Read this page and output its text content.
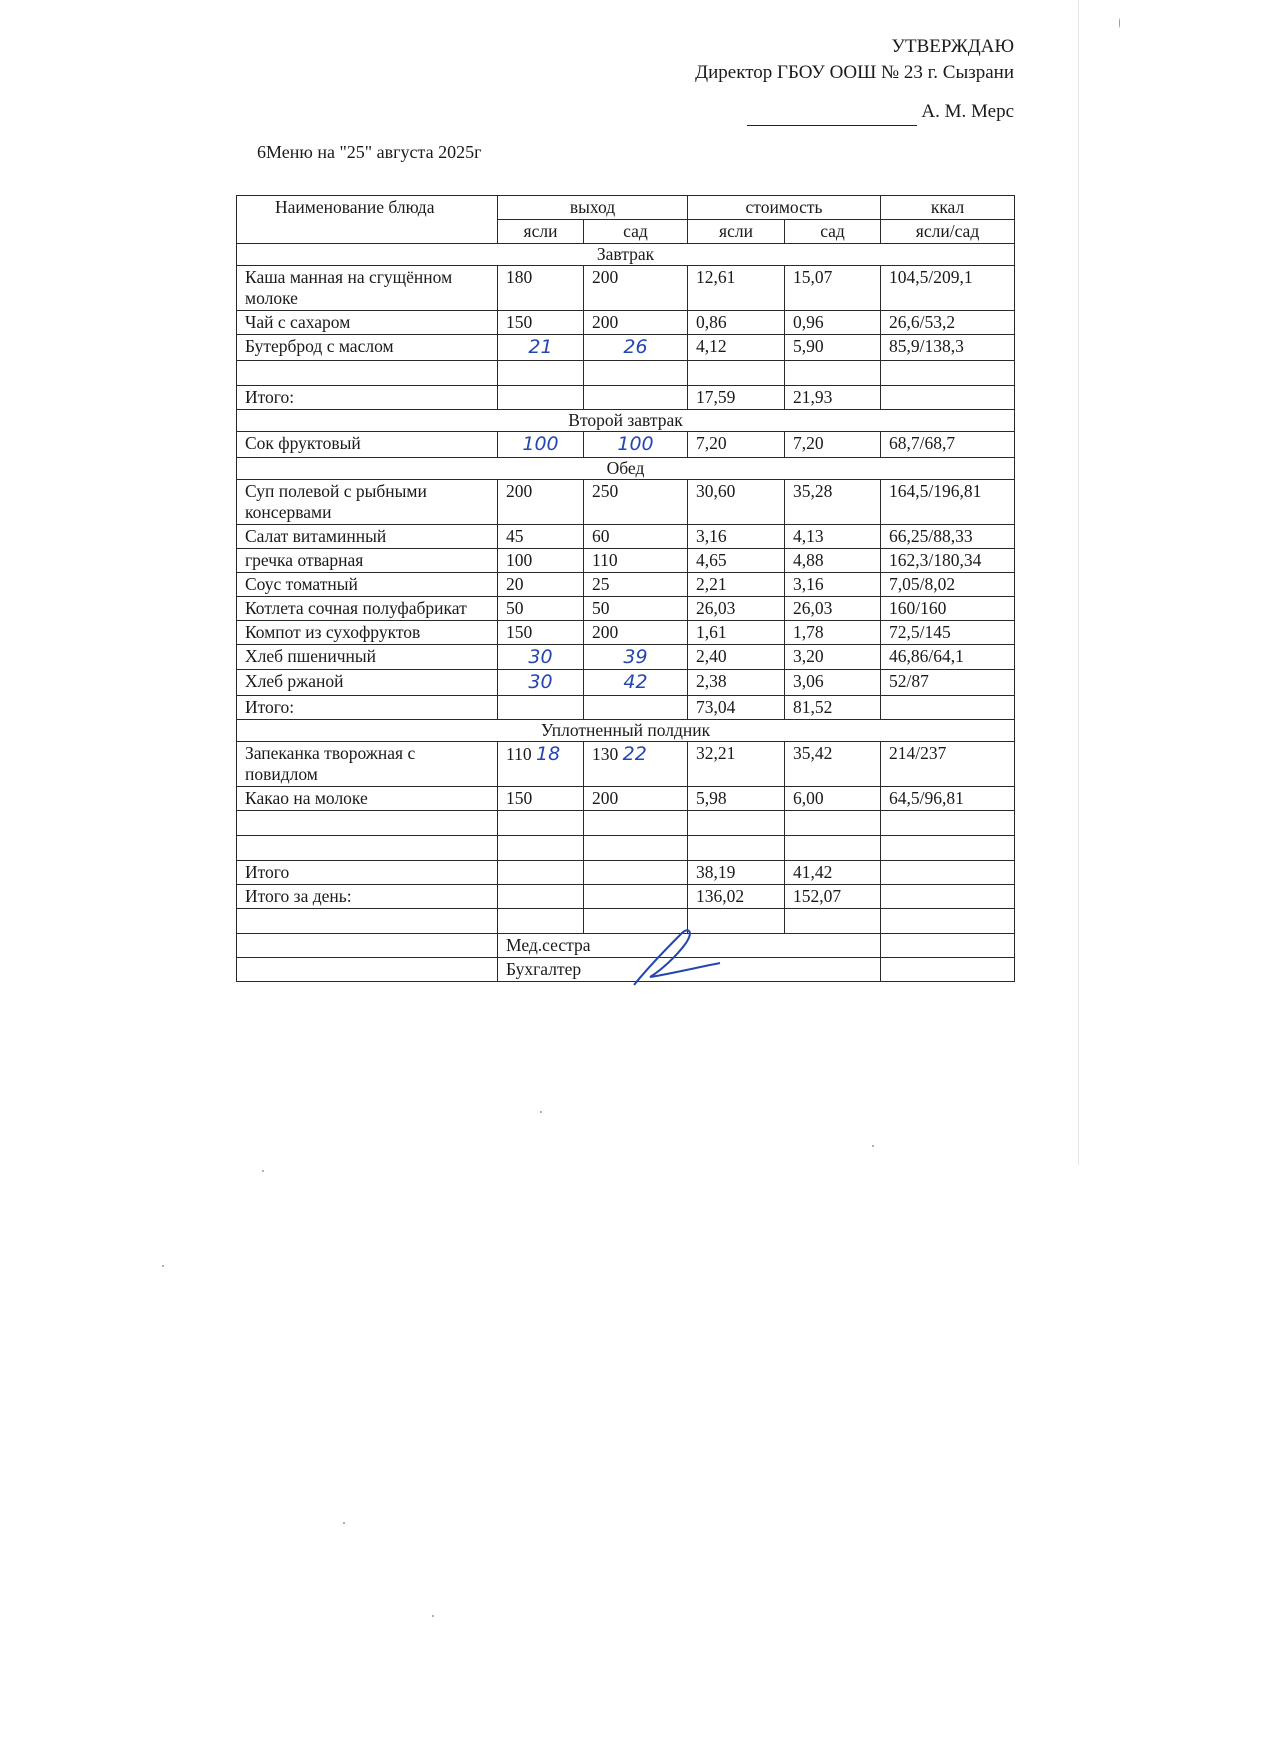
УТВЕРЖДАЮ
Директор ГБОУ ООШ № 23 г. Сызрани
А. М. Мерс
6Меню на "25" августа 2025г
Наименование блюда	выход		стоимость		ккал
	ясли	сад	ясли	сад	ясли/сад
Завтрак					
Каша манная на сгущённом молоке	180	200	12,61	15,07	104,5/209,1
Чай с сахаром	150	200	0,86	0,96	26,6/53,2
Бутерброд с маслом	21	26	4,12	5,90	85,9/138,3

Итого:			17,59	21,93	
Второй завтрак					
Сок фруктовый	100	100	7,20	7,20	68,7/68,7
Обед					
Суп полевой с рыбными консервами	200	250	30,60	35,28	164,5/196,81
Салат витаминный	45	60	3,16	4,13	66,25/88,33
гречка отварная	100	110	4,65	4,88	162,3/180,34
Соус томатный	20	25	2,21	3,16	7,05/8,02
Котлета сочная полуфабрикат	50	50	26,03	26,03	160/160
Компот из сухофруктов	150	200	1,61	1,78	72,5/145
Хлеб пшеничный	30	39	2,40	3,20	46,86/64,1
Хлеб ржаной	30	42	2,38	3,06	52/87
Итого:			73,04	81,52	
Уплотненный полдник					
Запеканка творожная с повидлом	110 18	130 22	32,21	35,42	214/237
Какао на молоке	150	200	5,98	6,00	64,5/96,81

Итого			38,19	41,42	
Итого за день:			136,02	152,07	

	Мед.сестра				
	Бухгалтер				
